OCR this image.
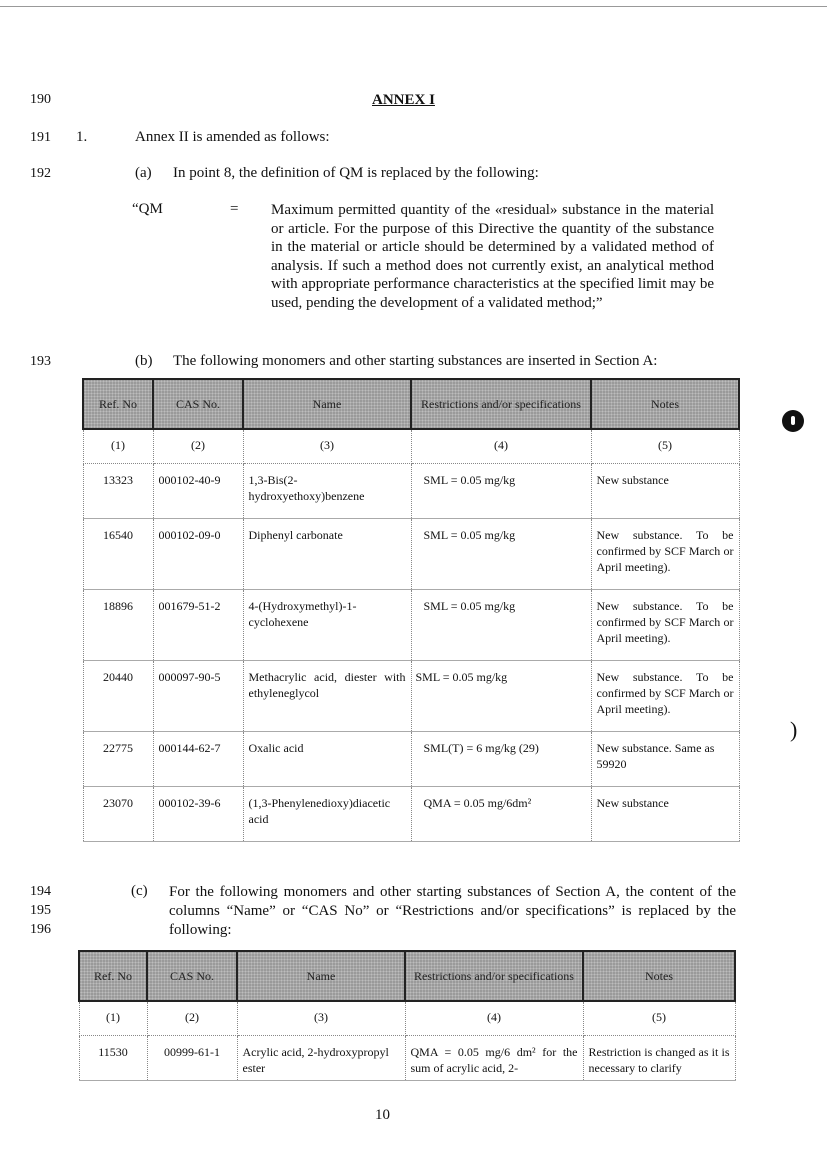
190
191
192
193
194
195
196
ANNEX I
1.	Annex II is amended as follows:
(a) In point 8, the definition of QM is replaced by the following:
“QM	= Maximum permitted quantity of the «residual» substance in the material or article. For the purpose of this Directive the quantity of the substance in the material or article should be determined by a validated method of analysis. If such a method does not currently exist, an analytical method with appropriate performance characteristics at the specified limit may be used, pending the development of a validated method;”
(b) The following monomers and other starting substances are inserted in Section A:
Ref. No	CAS No.	Name	Restrictions and/or specifications	Notes
(1)	(2)	(3)	(4)	(5)
13323	000102-40-9	1,3-Bis(2-hydroxyethoxy)benzene	SML = 0.05 mg/kg	New substance
16540	000102-09-0	Diphenyl carbonate	SML = 0.05 mg/kg	New substance. To be confirmed by SCF March or April meeting).
18896	001679-51-2	4-(Hydroxymethyl)-1-cyclohexene	SML = 0.05 mg/kg	New substance. To be confirmed by SCF March or April meeting).
20440	000097-90-5	Methacrylic acid, diester with ethyleneglycol	SML = 0.05 mg/kg	New substance. To be confirmed by SCF March or April meeting).
22775	000144-62-7	Oxalic acid	SML(T) = 6 mg/kg (29)	New substance. Same as 59920
23070	000102-39-6	(1,3-Phenylenedioxy)diacetic acid	QMA = 0.05 mg/6dm²	New substance
(c) For the following monomers and other starting substances of Section A, the content of the columns “Name” or “CAS No” or “Restrictions and/or specifications” is replaced by the following:
Ref. No	CAS No.	Name	Restrictions and/or specifications	Notes
(1)	(2)	(3)	(4)	(5)
11530	00999-61-1	Acrylic acid, 2-hydroxypropyl ester	QMA = 0.05 mg/6 dm² for the sum of acrylic acid, 2-	Restriction is changed as it is necessary to clarify
10
)
